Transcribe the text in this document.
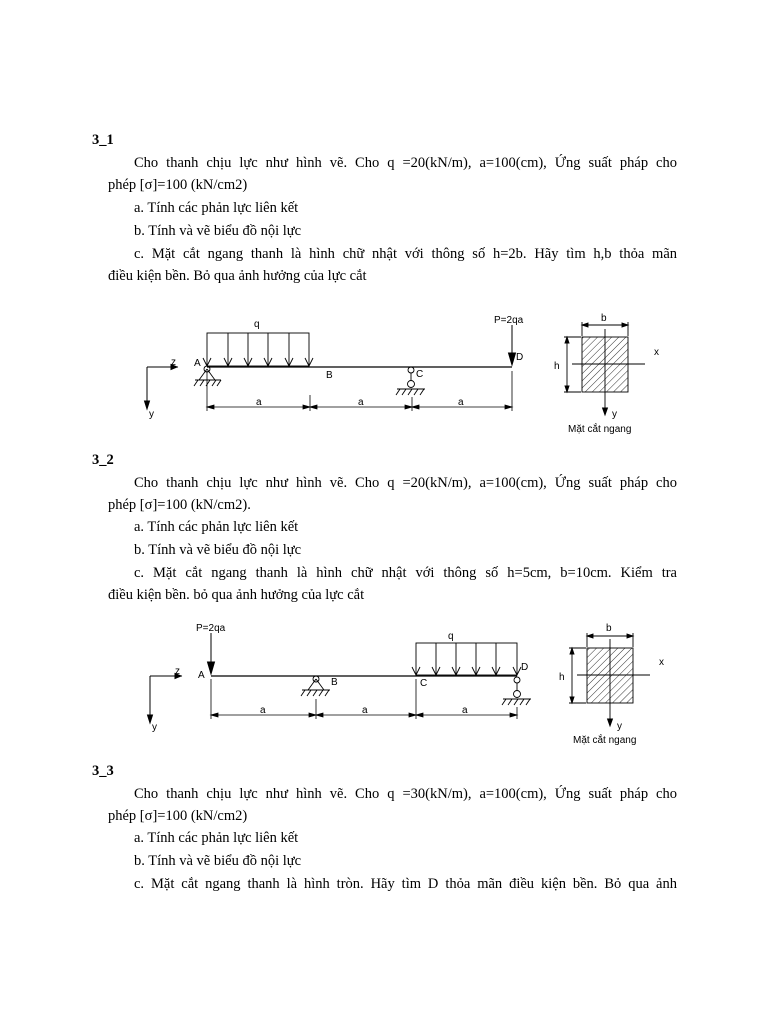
3_1
Cho thanh chịu lực như hình vẽ. Cho q =20(kN/m), a=100(cm), Ứng suất pháp cho
phép [σ]=100 (kN/cm2)
a. Tính các phản lực liên kết
b. Tính và vẽ biểu đồ nội lực
c. Mặt cắt ngang thanh là hình chữ nhật với thông số h=2b. Hãy tìm h,b thỏa mãn
điều kiện bền. Bỏ qua ảnh hưởng của lực cắt
z
y
q	P=2qa
A
C
B
D
a	a	a
b
h
x
y
Mặt cắt ngang
3_2
Cho thanh chịu lực như hình vẽ. Cho q =20(kN/m), a=100(cm), Ứng suất pháp cho
phép [σ]=100 (kN/cm2).
a. Tính các phản lực liên kết
b. Tính và vẽ biểu đồ nội lực
c. Mặt cắt ngang thanh là hình chữ nhật với thông số h=5cm, b=10cm. Kiểm tra
điều kiện bền. bỏ qua ảnh hưởng của lực cắt
z
y
P=2qa
A
q
B	C
D
a	a	a
b
h
x
y
Mặt cắt ngang
3_3
Cho thanh chịu lực như hình vẽ. Cho q =30(kN/m), a=100(cm), Ứng suất pháp cho
phép [σ]=100 (kN/cm2)
a. Tính các phản lực liên kết
b. Tính và vẽ biểu đồ nội lực
c. Mặt cắt ngang thanh là hình tròn. Hãy tìm D thỏa mãn điều kiện bền. Bỏ qua ảnh
